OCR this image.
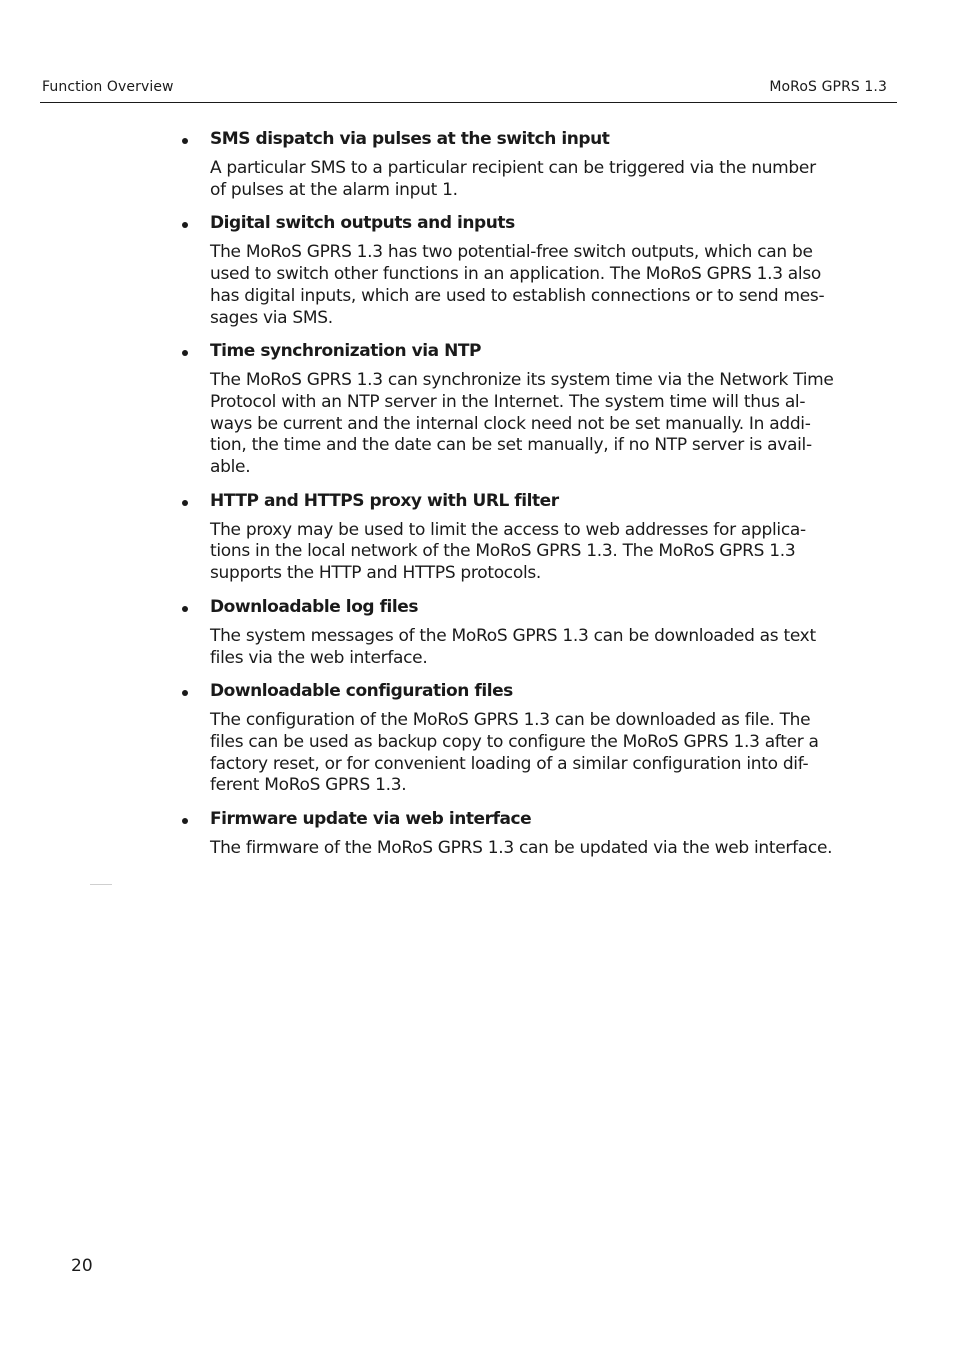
Function Overview	MoRoS GPRS 1.3
SMS dispatch via pulses at the switch input
A particular SMS to a particular recipient can be triggered via the number
of pulses at the alarm input 1.
Digital switch outputs and inputs
The MoRoS GPRS 1.3 has two potential-free switch outputs, which can be
used to switch other functions in an application. The MoRoS GPRS 1.3 also
has digital inputs, which are used to establish connections or to send mes-
sages via SMS.
Time synchronization via NTP
The MoRoS GPRS 1.3 can synchronize its system time via the Network Time
Protocol with an NTP server in the Internet. The system time will thus al-
ways be current and the internal clock need not be set manually. In addi-
tion, the time and the date can be set manually, if no NTP server is avail-
able.
HTTP and HTTPS proxy with URL filter
The proxy may be used to limit the access to web addresses for applica-
tions in the local network of the MoRoS GPRS 1.3. The MoRoS GPRS 1.3
supports the HTTP and HTTPS protocols.
Downloadable log files
The system messages of the MoRoS GPRS 1.3 can be downloaded as text
files via the web interface.
Downloadable configuration files
The configuration of the MoRoS GPRS 1.3 can be downloaded as file. The
files can be used as backup copy to configure the MoRoS GPRS 1.3 after a
factory reset, or for convenient loading of a similar configuration into dif-
ferent MoRoS GPRS 1.3.
Firmware update via web interface
The firmware of the MoRoS GPRS 1.3 can be updated via the web interface.
20
